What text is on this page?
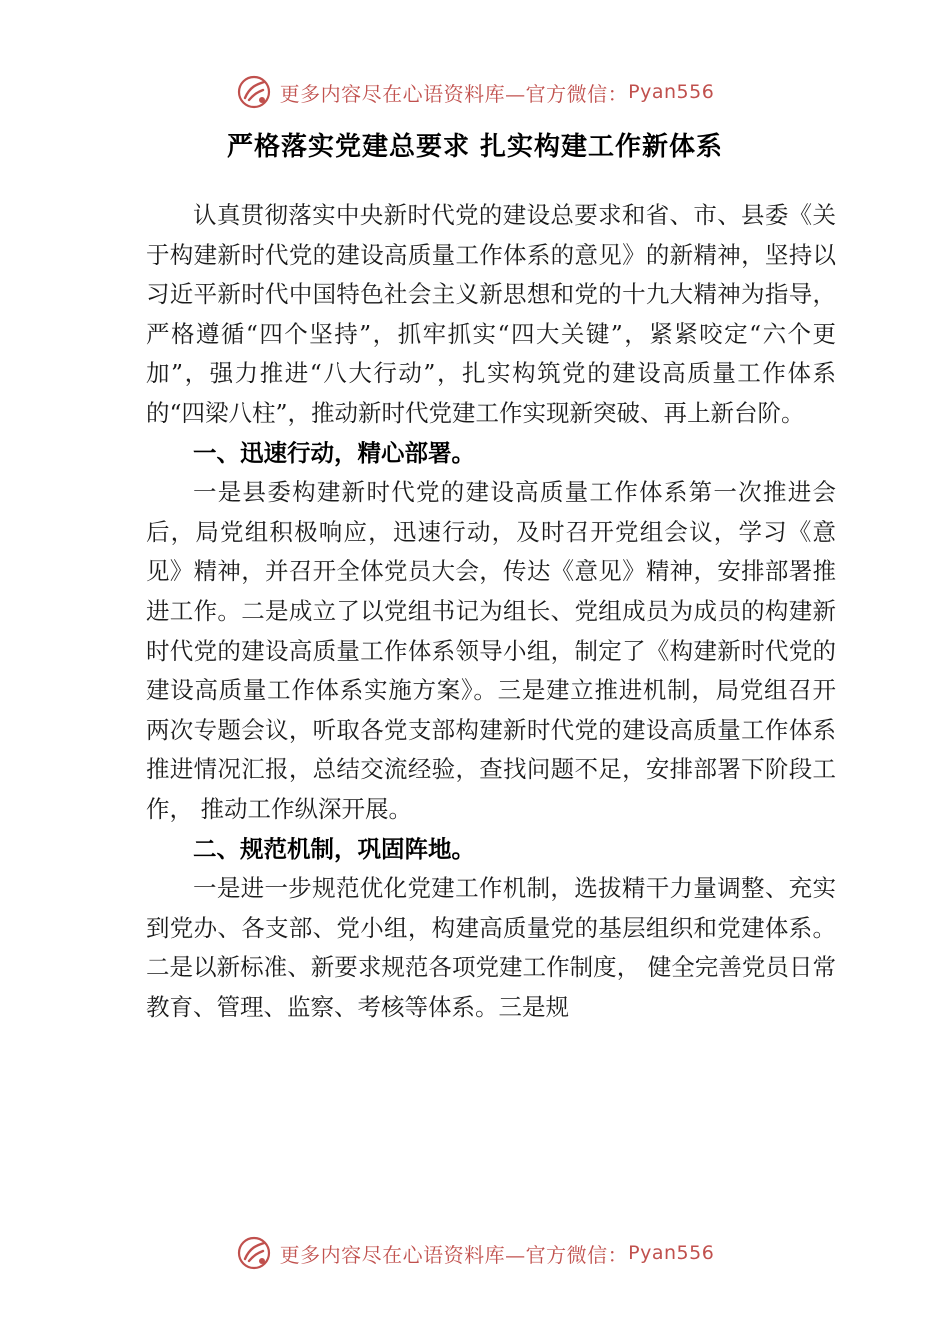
更多内容尽在心语资料库—官方微信： Pyan556
严格落实党建总要求 扎实构建工作新体系

认真贯彻落实中央新时代党的建设总要求和省、市、县委《关于构建新时代党的建设高质量工作体系的意见》的新精神，坚持以习近平新时代中国特色社会主义新思想和党的十九大精神为指导，严格遵循“四个坚持”，抓牢抓实“四大关键”，紧紧咬定“六个更加”，强力推进“八大行动”，扎实构筑党的建设高质量工作体系的“四梁八柱”，推动新时代党建工作实现新突破、再上新台阶。

一、迅速行动，精心部署。

一是县委构建新时代党的建设高质量工作体系第一次推进会后，局党组积极响应，迅速行动，及时召开党组会议，学习《意见》精神，并召开全体党员大会，传达《意见》精神，安排部署推进工作。二是成立了以党组书记为组长、党组成员为成员的构建新时代党的建设高质量工作体系领导小组，制定了《构建新时代党的建设高质量工作体系实施方案》。三是建立推进机制，局党组召开两次专题会议，听取各党支部构建新时代党的建设高质量工作体系推进情况汇报，总结交流经验，查找问题不足，安排部署下阶段工作， 推动工作纵深开展。

二、规范机制，巩固阵地。

一是进一步规范优化党建工作机制，选拔精干力量调整、充实到党办、各支部、党小组，构建高质量党的基层组织和党建体系。二是以新标准、新要求规范各项党建工作制度， 健全完善党员日常教育、管理、监察、考核等体系。三是规

更多内容尽在心语资料库—官方微信： Pyan556
